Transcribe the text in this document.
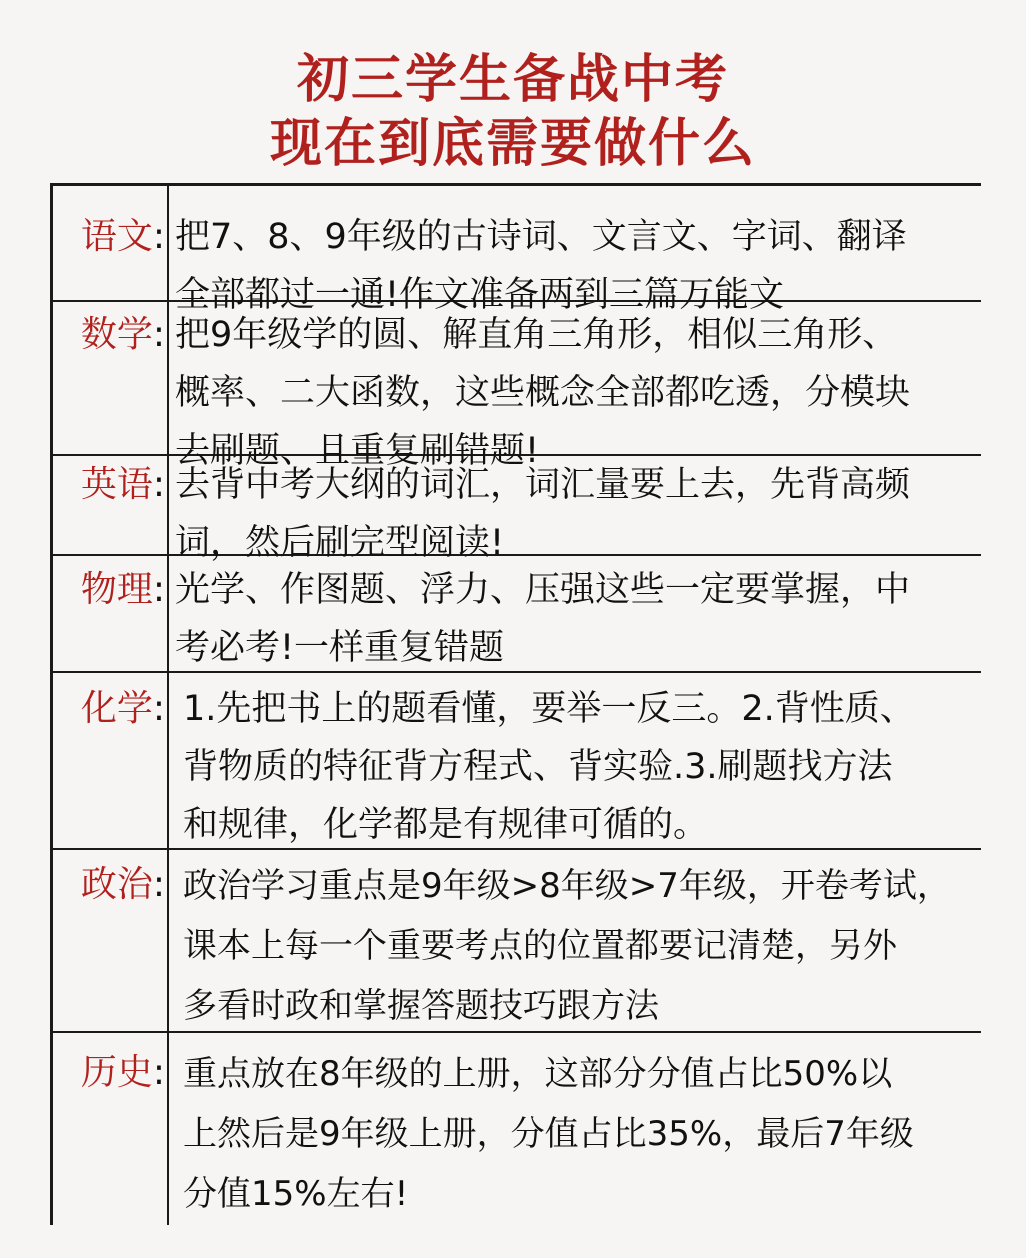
初三学生备战中考
现在到底需要做什么
语文: 把7、8、9年级的古诗词、文言文、字词、翻译
全部都过一通!作文准备两到三篇万能文
数学: 把9年级学的圆、解直角三角形，相似三角形、
概率、二大函数，这些概念全部都吃透，分模块
去刷题、且重复刷错题!
英语: 去背中考大纲的词汇，词汇量要上去，先背高频
词，然后刷完型阅读!
物理: 光学、作图题、浮力、压强这些一定要掌握，中
考必考!一样重复错题
化学: 1.先把书上的题看懂，要举一反三。2.背性质、
背物质的特征背方程式、背实验.3.刷题找方法
和规律，化学都是有规律可循的。
政治: 政治学习重点是9年级>8年级>7年级，开卷考试，
课本上每一个重要考点的位置都要记清楚，另外
多看时政和掌握答题技巧跟方法
历史: 重点放在8年级的上册，这部分分值占比50%以
上然后是9年级上册，分值占比35%，最后7年级
分值15%左右!
